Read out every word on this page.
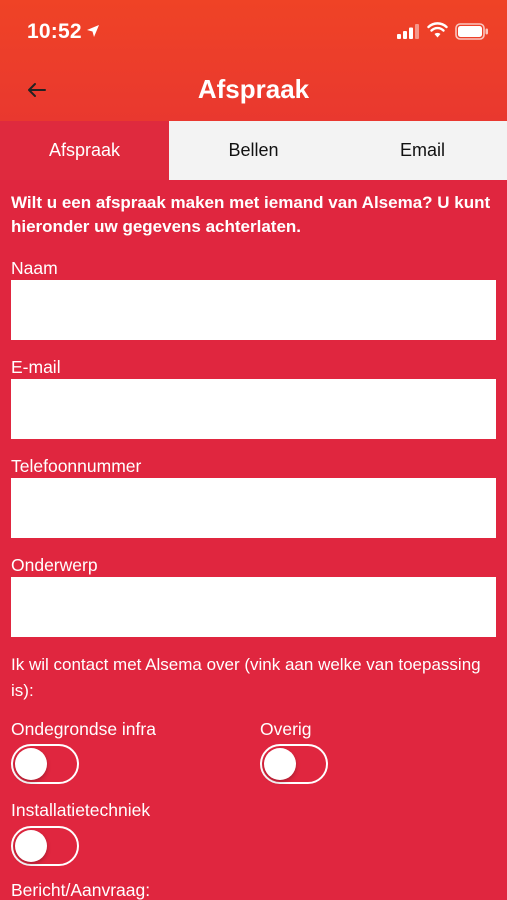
10:52
Afspraak
Afspraak	Bellen	Email
Wilt u een afspraak maken met iemand van Alsema? U kunt hieronder uw gegevens achterlaten.
Naam
E-mail
Telefoonnummer
Onderwerp
Ik wil contact met Alsema over (vink aan welke van toepassing is):
Ondegrondse infra	Overig
Installatietechniek
Bericht/Aanvraag:
